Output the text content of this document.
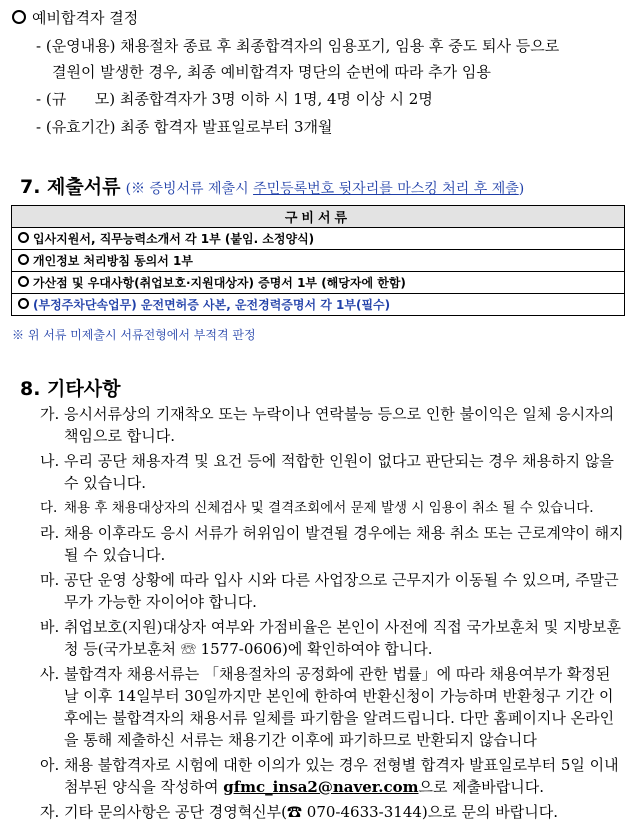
예비합격자 결정
- (운영내용) 채용절차 종료 후 최종합격자의 임용포기, 임용 후 중도 퇴사 등으로
결원이 발생한 경우, 최종 예비합격자 명단의 순번에 따라 추가 임용
- (규      모) 최종합격자가 3명 이하 시 1명, 4명 이상 시 2명
- (유효기간) 최종 합격자 발표일로부터 3개월
7. 제출서류 (※ 증빙서류 제출시 주민등록번호 뒷자리를 마스킹 처리 후 제출)
구비서류
입사지원서, 직무능력소개서 각 1부 (붙임. 소정양식)
개인정보 처리방침 동의서 1부
가산점 및 우대사항(취업보호·지원대상자) 증명서 1부 (해당자에 한함)
(부정주차단속업무) 운전면허증 사본, 운전경력증명서 각 1부(필수)
※ 위 서류 미제출시 서류전형에서 부적격 판정
8. 기타사항
가. 응시서류상의 기재착오 또는 누락이나 연락불능 등으로 인한 불이익은 일체 응시자의 책임으로 합니다.
나. 우리 공단 채용자격 및 요건 등에 적합한 인원이 없다고 판단되는 경우 채용하지 않을 수 있습니다.
다. 채용 후 채용대상자의 신체검사 및 결격조회에서 문제 발생 시 임용이 취소 될 수 있습니다.
라. 채용 이후라도 응시 서류가 허위임이 발견될 경우에는 채용 취소 또는 근로계약이 해지 될 수 있습니다.
마. 공단 운영 상황에 따라 입사 시와 다른 사업장으로 근무지가 이동될 수 있으며, 주말근무가 가능한 자이어야 합니다.
바. 취업보호(지원)대상자 여부와 가점비율은 본인이 사전에 직접 국가보훈처 및 지방보훈청 등(국가보훈처 ☏ 1577-0606)에 확인하여야 합니다.
사. 불합격자 채용서류는 「채용절차의 공정화에 관한 법률」에 따라 채용여부가 확정된 날 이후 14일부터 30일까지만 본인에 한하여 반환신청이 가능하며 반환청구 기간 이후에는 불합격자의 채용서류 일체를 파기함을 알려드립니다. 다만 홈페이지나 온라인을 통해 제출하신 서류는 채용기간 이후에 파기하므로 반환되지 않습니다
아. 채용 불합격자로 시험에 대한 이의가 있는 경우 전형별 합격자 발표일로부터 5일 이내 첨부된 양식을 작성하여 gfmc_insa2@naver.com으로 제출바랍니다.
자. 기타 문의사항은 공단 경영혁신부(☎ 070-4633-3144)으로 문의 바랍니다.
